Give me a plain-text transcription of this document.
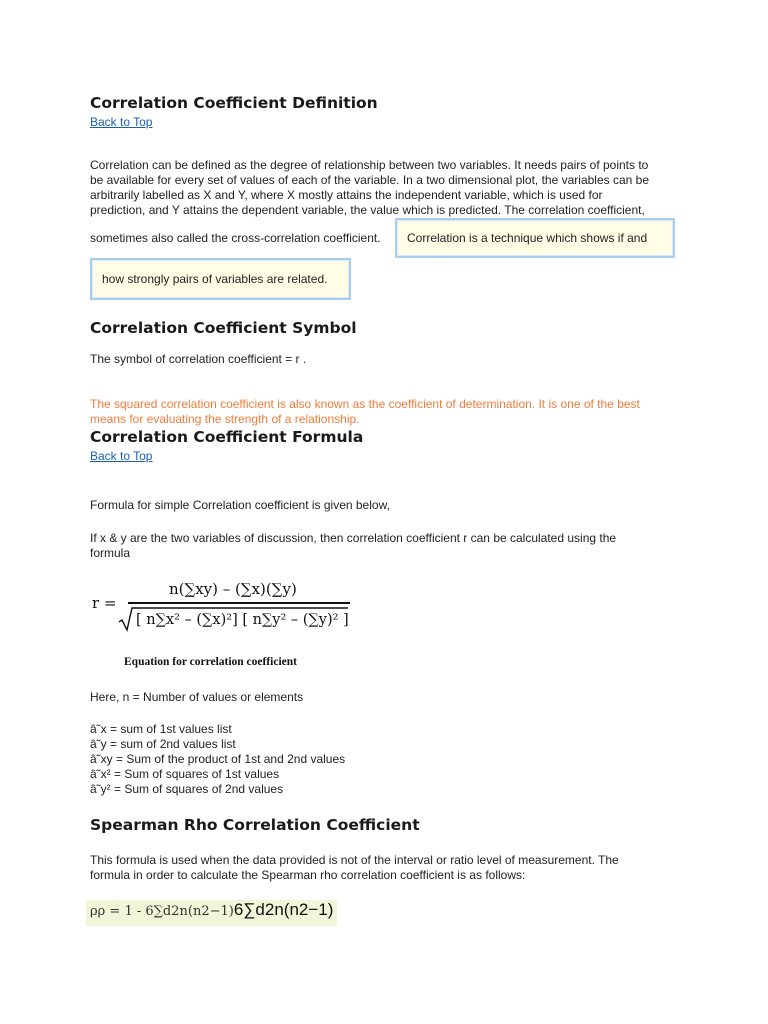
Correlation Coefficient Definition
Back to Top

Correlation can be defined as the degree of relationship between two variables. It needs pairs of points to

be available for every set of values of each of the variable. In a two dimensional plot, the variables can be

arbitrarily labelled as X and Y, where X mostly attains the independent variable, which is used for

prediction, and Y attains the dependent variable, the value which is predicted. The correlation coefficient,

sometimes also called the cross-correlation coefficient. Correlation is a technique which shows if and
how strongly pairs of variables are related.
Correlation Coefficient Symbol

The symbol of correlation coefficient = r .

The squared correlation coefficient is also known as the coefficient of determination. It is one of the best

means for evaluating the strength of a relationship.

Correlation Coefficient Formula
Back to Top

Formula for simple Correlation coefficient is given below,

If x & y are the two variables of discussion, then correlation coefficient r can be calculated using the

formula

r =
n(∑xy) – (∑x)(∑y)
[ n∑x² – (∑x)²] [ n∑y² – (∑y)² ]
Equation for correlation coefficient

Here, n = Number of values or elements

â˜x = sum of 1st values list

â˜y = sum of 2nd values list

â˜xy = Sum of the product of 1st and 2nd values

â˜x² = Sum of squares of 1st values

â˜y² = Sum of squares of 2nd values

Spearman Rho Correlation Coefficient

This formula is used when the data provided is not of the interval or ratio level of measurement. The

formula in order to calculate the Spearman rho correlation coefficient is as follows:

ρρ = 1 - 6∑d2n(n2−1) 6∑d2n(n2−1)
